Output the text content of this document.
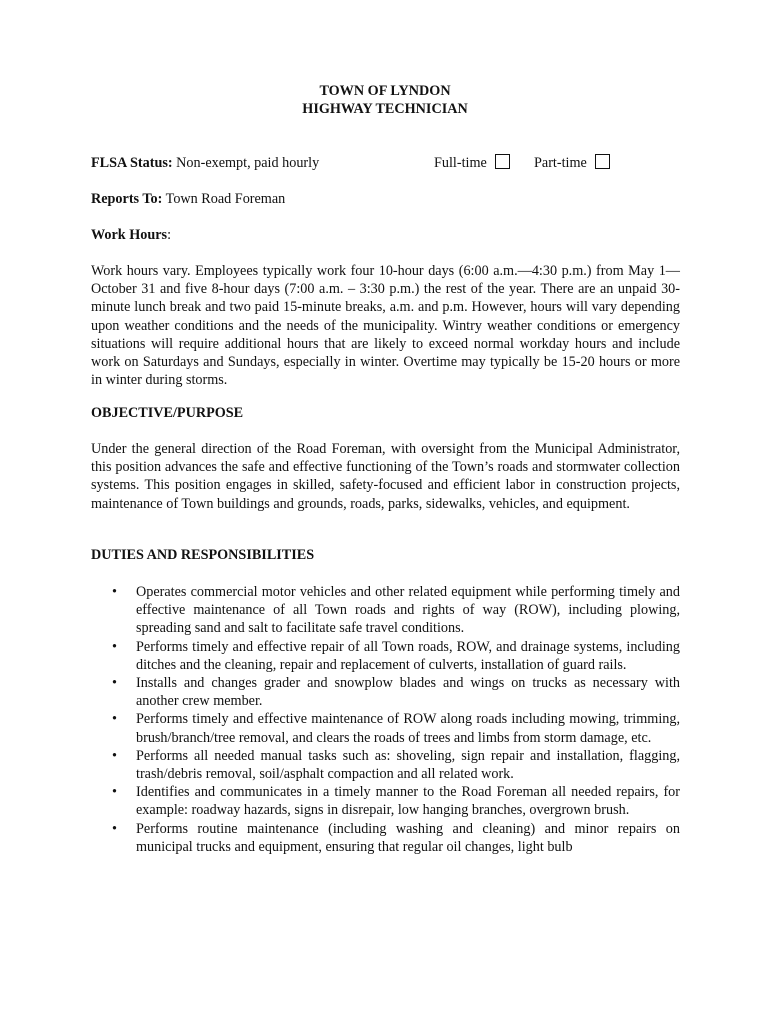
TOWN OF LYNDON
HIGHWAY TECHNICIAN
FLSA Status: Non-exempt, paid hourly	Full-time	Part-time
Reports To: Town Road Foreman
Work Hours:
Work hours vary. Employees typically work four 10-hour days (6:00 a.m.—4:30 p.m.) from May 1—October 31 and five 8-hour days (7:00 a.m. – 3:30 p.m.) the rest of the year. There are an unpaid 30-minute lunch break and two paid 15-minute breaks, a.m. and p.m. However, hours will vary depending upon weather conditions and the needs of the municipality. Wintry weather conditions or emergency situations will require additional hours that are likely to exceed normal workday hours and include work on Saturdays and Sundays, especially in winter. Overtime may typically be 15-20 hours or more in winter during storms.
OBJECTIVE/PURPOSE
Under the general direction of the Road Foreman, with oversight from the Municipal Administrator, this position advances the safe and effective functioning of the Town’s roads and stormwater collection systems. This position engages in skilled, safety-focused and efficient labor in construction projects, maintenance of Town buildings and grounds, roads, parks, sidewalks, vehicles, and equipment.
DUTIES AND RESPONSIBILITIES
• Operates commercial motor vehicles and other related equipment while performing timely and effective maintenance of all Town roads and rights of way (ROW), including plowing, spreading sand and salt to facilitate safe travel conditions.
• Performs timely and effective repair of all Town roads, ROW, and drainage systems, including ditches and the cleaning, repair and replacement of culverts, installation of guard rails.
• Installs and changes grader and snowplow blades and wings on trucks as necessary with another crew member.
• Performs timely and effective maintenance of ROW along roads including mowing, trimming, brush/branch/tree removal, and clears the roads of trees and limbs from storm damage, etc.
• Performs all needed manual tasks such as: shoveling, sign repair and installation, flagging, trash/debris removal, soil/asphalt compaction and all related work.
• Identifies and communicates in a timely manner to the Road Foreman all needed repairs, for example: roadway hazards, signs in disrepair, low hanging branches, overgrown brush.
• Performs routine maintenance (including washing and cleaning) and minor repairs on municipal trucks and equipment, ensuring that regular oil changes, light bulb
